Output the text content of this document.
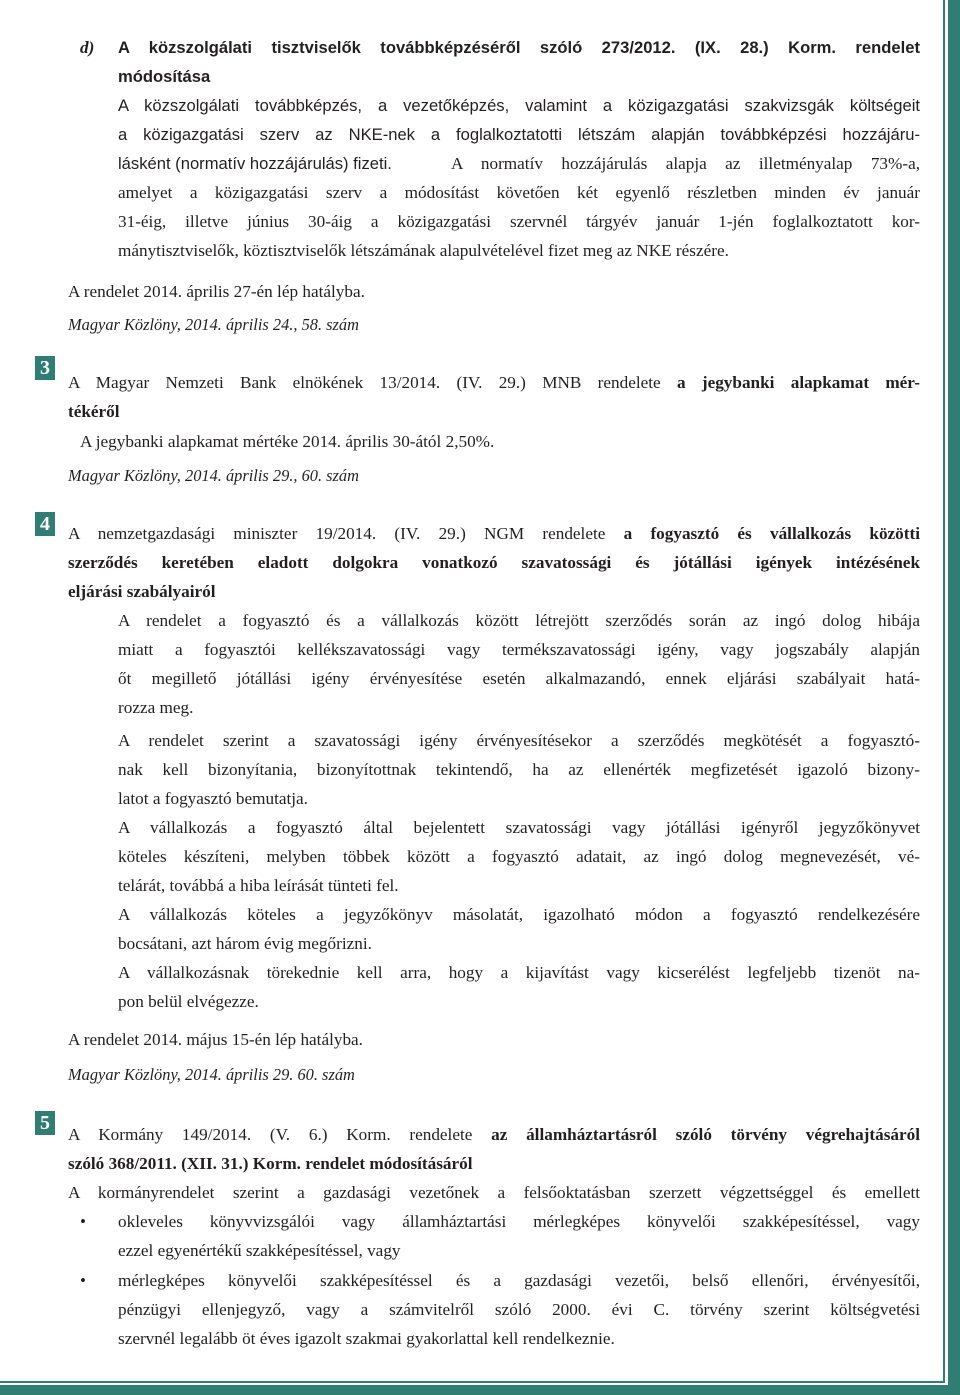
d) A közszolgálati tisztviselők továbbképzéséről szóló 273/2012. (IX. 28.) Korm. rendelet
módosítása
A közszolgálati továbbképzés, a vezetőképzés, valamint a közigazgatási szakvizsgák költségeit
a közigazgatási szerv az NKE-nek a foglalkoztatotti létszám alapján továbbképzési hozzájáru-
lásként (normatív hozzájárulás) fizeti.	A normatív hozzájárulás alapja az illetményalap 73%-a,
amelyet a közigazgatási szerv a módosítást követően két egyenlő részletben minden év január
31-éig, illetve június 30-áig a közigazgatási szervnél tárgyév január 1-jén foglalkoztatott kor-
mánytisztviselők, köztisztviselők létszámának alapulvételével fizet meg az NKE részére.
A rendelet 2014. április 27-én lép hatályba.
Magyar Közlöny, 2014. április 24., 58. szám
3
A Magyar Nemzeti Bank elnökének 13/2014. (IV. 29.) MNB rendelete a jegybanki alapkamat mér-
tékéről
A jegybanki alapkamat mértéke 2014. április 30-ától 2,50%.
Magyar Közlöny, 2014. április 29., 60. szám
4 A nemzetgazdasági miniszter 19/2014. (IV. 29.) NGM rendelete a fogyasztó és vállalkozás közötti
szerződés keretében eladott dolgokra vonatkozó szavatossági és jótállási igények intézésének
eljárási szabályairól
A rendelet a fogyasztó és a vállalkozás között létrejött szerződés során az ingó dolog hibája
miatt a fogyasztói kellékszavatossági vagy termékszavatossági igény, vagy jogszabály alapján
őt megillető jótállási igény érvényesítése esetén alkalmazandó, ennek eljárási szabályait hatá-
rozza meg.
A rendelet szerint a szavatossági igény érvényesítésekor a szerződés megkötését a fogyasztó-
nak kell bizonyítania, bizonyítottnak tekintendő, ha az ellenérték megfizetését igazoló bizony-
latot a fogyasztó bemutatja.
A vállalkozás a fogyasztó által bejelentett szavatossági vagy jótállási igényről jegyzőkönyvet
köteles készíteni, melyben többek között a fogyasztó adatait, az ingó dolog megnevezését, vé-
telárát, továbbá a hiba leírását tünteti fel.
A vállalkozás köteles a jegyzőkönyv másolatát, igazolható módon a fogyasztó rendelkezésére
bocsátani, azt három évig megőrizni.
A vállalkozásnak törekednie kell arra, hogy a kijavítást vagy kicserélést legfeljebb tizenöt na-
pon belül elvégezze.
A rendelet 2014. május 15-én lép hatályba.
Magyar Közlöny, 2014. április 29. 60. szám
5
A Kormány 149/2014. (V. 6.) Korm. rendelete az államháztartásról szóló törvény végrehajtásáról
szóló 368/2011. (XII. 31.) Korm. rendelet módosításáról
A kormányrendelet szerint a gazdasági vezetőnek a felsőoktatásban szerzett végzettséggel és emellett
• okleveles könyvvizsgálói vagy államháztartási mérlegképes könyvelői szakképesítéssel, vagy
ezzel egyenértékű szakképesítéssel, vagy
• mérlegképes könyvelői szakképesítéssel és a gazdasági vezetői, belső ellenőri, érvényesítői,
pénzügyi ellenjegyző, vagy a számvitelről szóló 2000. évi C. törvény szerint költségvetési
szervnél legalább öt éves igazolt szakmai gyakorlattal kell rendelkeznie.
